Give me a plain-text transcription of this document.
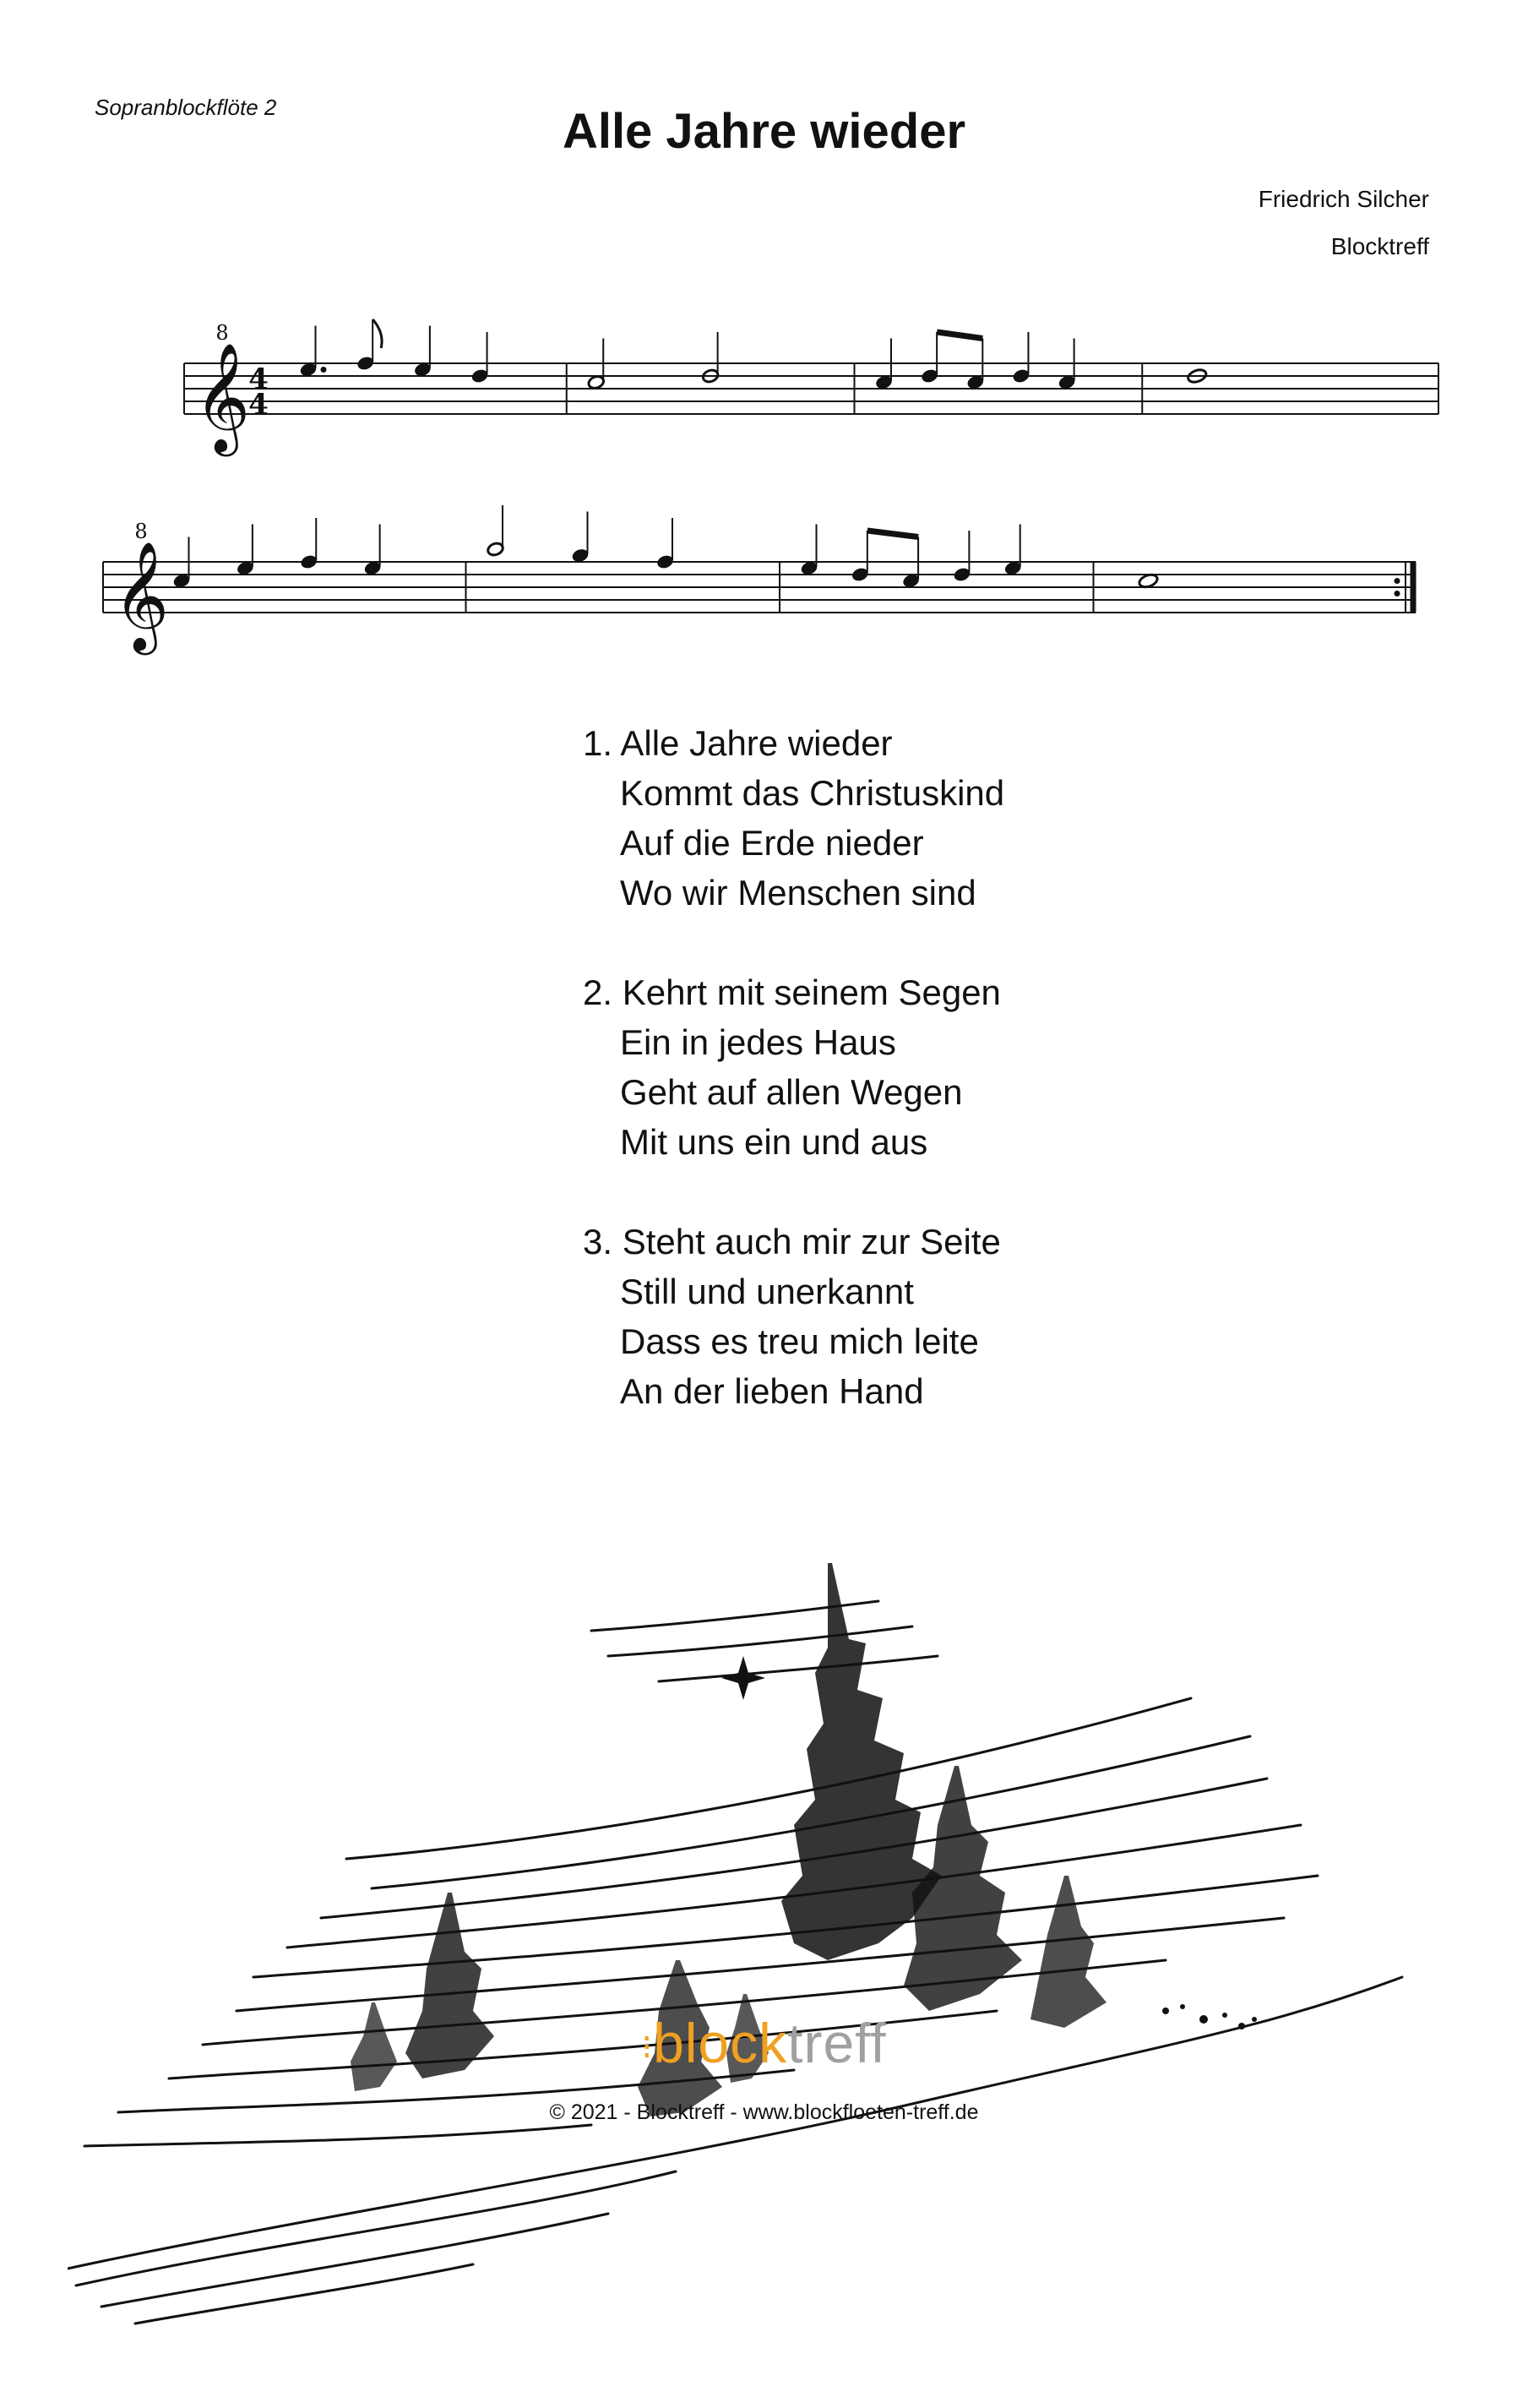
Sopranblockflöte 2	Alle Jahre wieder
Friedrich Silcher
Blocktreff
𝄞
8
4
4
𝄞
8
1. Alle Jahre wieder
Kommt das Christuskind
Auf die Erde nieder
Wo wir Menschen sind
2. Kehrt mit seinem Segen
Ein in jedes Haus
Geht auf allen Wegen
Mit uns ein und aus
3. Steht auch mir zur Seite
Still und unerkannt
Dass es treu mich leite
An der lieben Hand
⁝blocktreff
© 2021 - Blocktreff - www.blockfloeten-treff.de
